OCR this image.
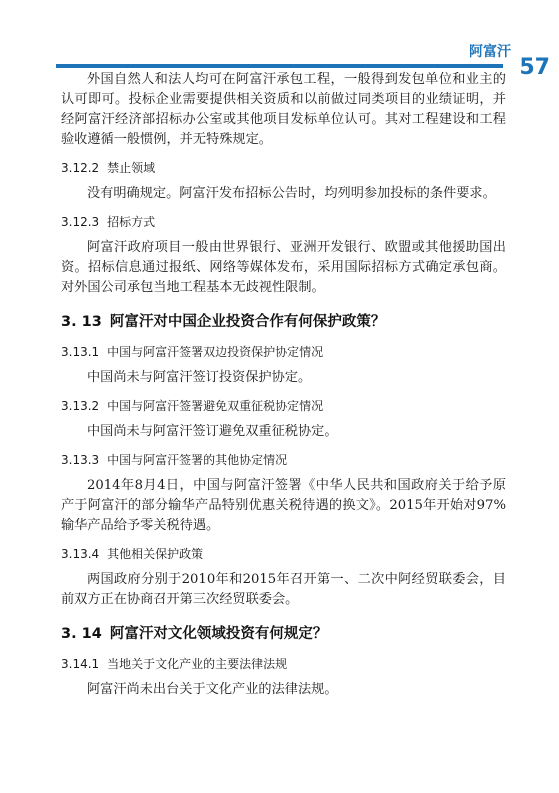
阿富汗
57

外国自然人和法人均可在阿富汗承包工程，一般得到发包单位和业主的认可即可。投标企业需要提供相关资质和以前做过同类项目的业绩证明，并经阿富汗经济部招标办公室或其他项目发标单位认可。其对工程建设和工程验收遵循一般惯例，并无特殊规定。

3.12.2 禁止领域

没有明确规定。阿富汗发布招标公告时，均列明参加投标的条件要求。

3.12.3 招标方式

阿富汗政府项目一般由世界银行、亚洲开发银行、欧盟或其他援助国出资。招标信息通过报纸、网络等媒体发布，采用国际招标方式确定承包商。对外国公司承包当地工程基本无歧视性限制。

3. 13 阿富汗对中国企业投资合作有何保护政策？
3.13.1 中国与阿富汗签署双边投资保护协定情况

中国尚未与阿富汗签订投资保护协定。

3.13.2 中国与阿富汗签署避免双重征税协定情况

中国尚未与阿富汗签订避免双重征税协定。

3.13.3 中国与阿富汗签署的其他协定情况

2014年8月4日，中国与阿富汗签署《中华人民共和国政府关于给予原产于阿富汗的部分输华产品特别优惠关税待遇的换文》。2015年开始对97%输华产品给予零关税待遇。

3.13.4 其他相关保护政策

两国政府分别于2010年和2015年召开第一、二次中阿经贸联委会，目前双方正在协商召开第三次经贸联委会。

3. 14 阿富汗对文化领域投资有何规定？
3.14.1 当地关于文化产业的主要法律法规

阿富汗尚未出台关于文化产业的法律法规。
